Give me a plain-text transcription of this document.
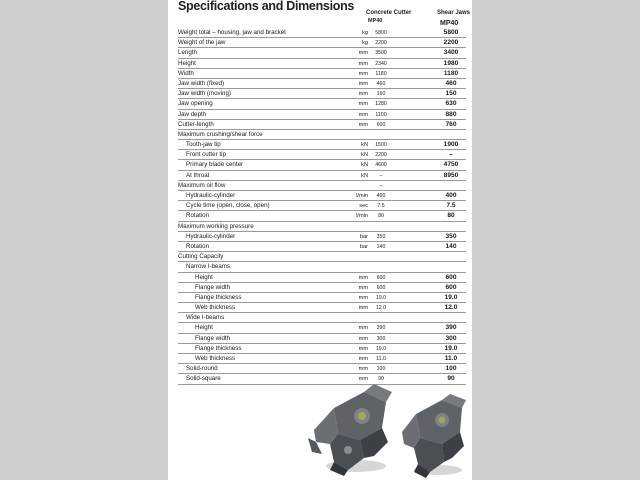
Specifications and Dimensions Concrete Cutter	Shear Jaws
MP40	MP40
Weight total – housing, jaw and bracket	kg	5800	5800
Weight of the jaw	kg	2200	2200
Length	mm	3500	3400
Height	mm	2340	1980
Width	mm	1180	1180
Jaw width (fixed)	mm	460	460
Jaw width (moving)	mm	160	150
Jaw opening	mm	1280	630
Jaw depth	mm	1100	880
Cutter-length	mm	600	760
Maximum crushing/shear force
Tooth-jaw tip	kN	1500	1900
Front cutter tip	kN	2200	–
Primary blade center	kN	4600	4750
At throat	kN	–	8950
Maximum oil flow	–
Hydraulic-cylinder	l/min	400	400
Cycle time (open, close, open)	sec	7.5	7.5
Rotation	l/min	80	80
Maximum working pressure
Hydraulic-cylinder	bar	350	350
Rotation	bar	140	140
Cutting Capacity
Narrow I-beams
Height	mm	600	600
Flange width	mm	600	600
Flange thickness	mm	19.0	19.0
Web thickness	mm	12.0	12.0
Wide I-beams
Height	mm	390	390
Flange width	mm	300	300
Flange thickness	mm	19.0	19.0
Web thickness	mm	11.0	11.0
Solid-round	mm	100	100
Solid-square	mm	90	90
